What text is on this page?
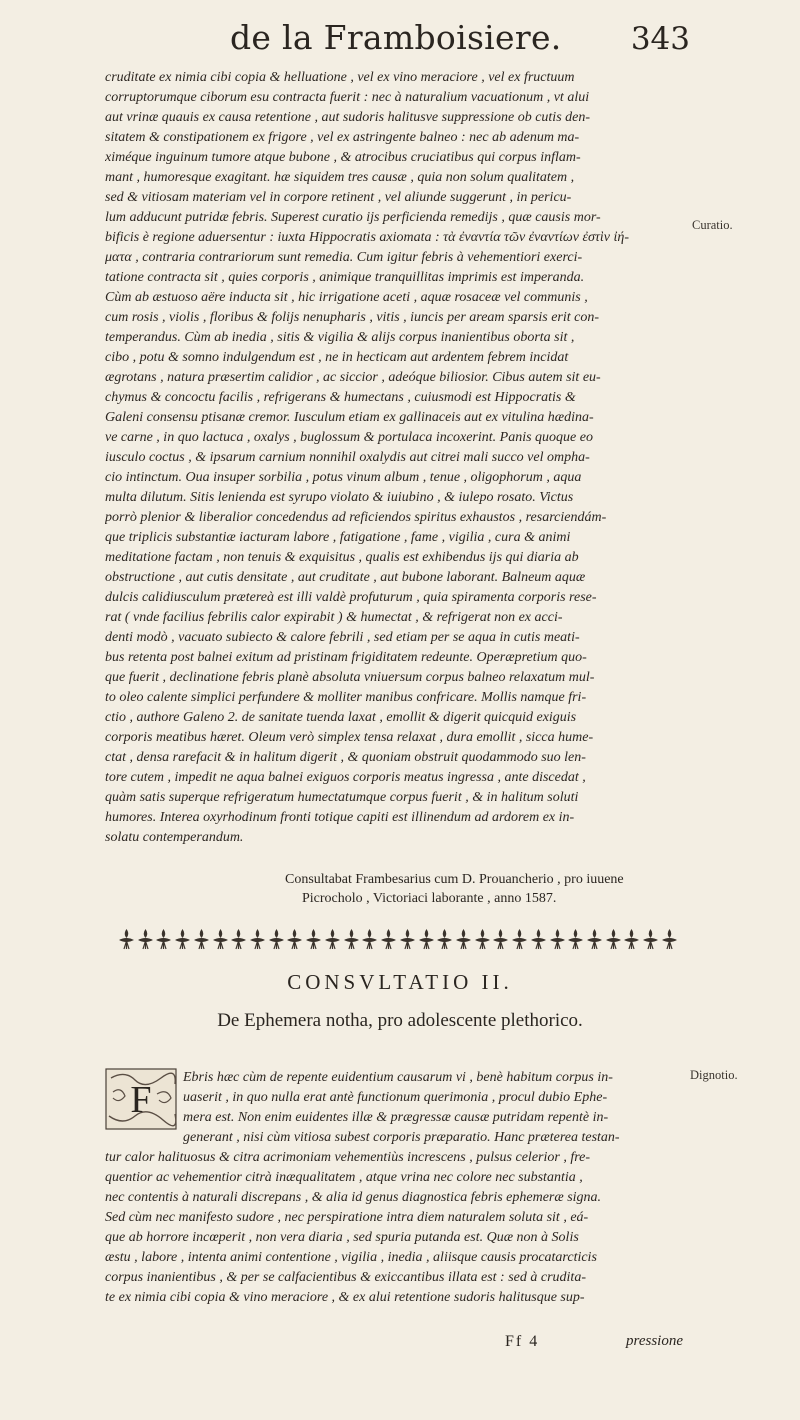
de la Framboisiere. 343
cruditate ex nimia cibi copia & helluatione , vel ex vino meraciore , vel ex fructuum
corruptorumque ciborum esu contracta fuerit : nec à naturalium vacuationum , vt alui
aut vrinæ quauis ex causa retentione , aut sudoris halitusve suppressione ob cutis den-
sitatem & constipationem ex frigore , vel ex astringente balneo : nec ab adenum ma-
ximéque inguinum tumore atque bubone , & atrocibus cruciatibus qui corpus inflam-
mant , humoresque exagitant. hæ siquidem tres causæ , quia non solum qualitatem ,
sed & vitiosam materiam vel in corpore retinent , vel aliunde suggerunt , in pericu-
lum adducunt putridæ febris. Superest curatio ijs perficienda remedijs , quæ causis mor-
bificis è regione aduersentur : iuxta Hippocratis axiomata : τὰ ἐναντία τῶν ἐναντίων ἐστὶν ἰή-
ματα , contraria contrariorum sunt remedia. Cum igitur febris à vehementiori exerci-
tatione contracta sit , quies corporis , animique tranquillitas imprimis est imperanda.
Cùm ab æstuoso aëre inducta sit , hic irrigatione aceti , aquæ rosaceæ vel communis ,
cum rosis , violis , floribus & folijs nenupharis , vitis , iuncis per aream sparsis erit con-
temperandus. Cùm ab inedia , sitis & vigilia & alijs corpus inanientibus oborta sit ,
cibo , potu & somno indulgendum est , ne in hecticam aut ardentem febrem incidat
ægrotans , natura præsertim calidior , ac siccior , adeóque biliosior. Cibus autem sit eu-
chymus & concoctu facilis , refrigerans & humectans , cuiusmodi est Hippocratis &
Galeni consensu ptisanæ cremor. Iusculum etiam ex gallinaceis aut ex vitulina hædina-
ve carne , in quo lactuca , oxalys , buglossum & portulaca incoxerint. Panis quoque eo
iusculo coctus , & ipsarum carnium nonnihil oxalydis aut citrei mali succo vel ompha-
cio intinctum. Oua insuper sorbilia , potus vinum album , tenue , oligophorum , aqua
multa dilutum. Sitis lenienda est syrupo violato & iuiubino , & iulepo rosato. Victus
porrò plenior & liberalior concedendus ad reficiendos spiritus exhaustos , resarciendám-
que triplicis substantiæ iacturam labore , fatigatione , fame , vigilia , cura & animi
meditatione factam , non tenuis & exquisitus , qualis est exhibendus ijs qui diaria ab
obstructione , aut cutis densitate , aut cruditate , aut bubone laborant. Balneum aquæ
dulcis calidiusculum prætereà est illi valdè profuturum , quia spiramenta corporis rese-
rat ( vnde facilius febrilis calor expirabit ) & humectat , & refrigerat non ex acci-
denti modò , vacuato subiecto & calore febrili , sed etiam per se aqua in cutis meati-
bus retenta post balnei exitum ad pristinam frigiditatem redeunte. Operæpretium quo-
que fuerit , declinatione febris planè absoluta vniuersum corpus balneo relaxatum mul-
to oleo calente simplici perfundere & molliter manibus confricare. Mollis namque fri-
ctio , authore Galeno 2. de sanitate tuenda laxat , emollit & digerit quicquid exiguis
corporis meatibus hæret. Oleum verò simplex tensa relaxat , dura emollit , sicca hume-
ctat , densa rarefacit & in halitum digerit , & quoniam obstruit quodammodo suo len-
tore cutem , impedit ne aqua balnei exiguos corporis meatus ingressa , ante discedat ,
quàm satis superque refrigeratum humectatumque corpus fuerit , & in halitum soluti
humores. Interea oxyrhodinum fronti totique capiti est illinendum ad ardorem ex in-
solatu contemperandum.
Curatio.
Dignotio.
Consultabat Frambesarius cum D. Prouancherio , pro iuuene
Picrocholo , Victoriaci laborante , anno 1587.
CONSVLTATIO II.
De Ephemera notha, pro adolescente plethorico.
F
Ebris hæc cùm de repente euidentium causarum vi , benè habitum corpus in-
uaserit , in quo nulla erat antè functionum querimonia , procul dubio Ephe-
mera est. Non enim euidentes illæ & prægressæ causæ putridam repentè in-
generant , nisi cùm vitiosa subest corporis præparatio. Hanc præterea testan-
tur calor halituosus & citra acrimoniam vehementiùs increscens , pulsus celerior , fre-
quentior ac vehementior citrà inæqualitatem , atque vrina nec colore nec substantia ,
nec contentis à naturali discrepans , & alia id genus diagnostica febris ephemeræ signa.
Sed cùm nec manifesto sudore , nec perspiratione intra diem naturalem soluta sit , eá-
que ab horrore incœperit , non vera diaria , sed spuria putanda est. Quæ non à Solis
æstu , labore , intenta animi contentione , vigilia , inedia , aliisque causis procatarcticis
corpus inanientibus , & per se calfacientibus & exiccantibus illata est : sed à crudita-
te ex nimia cibi copia & vino meraciore , & ex alui retentione sudoris halitusque sup-
Ff 4	pressione
